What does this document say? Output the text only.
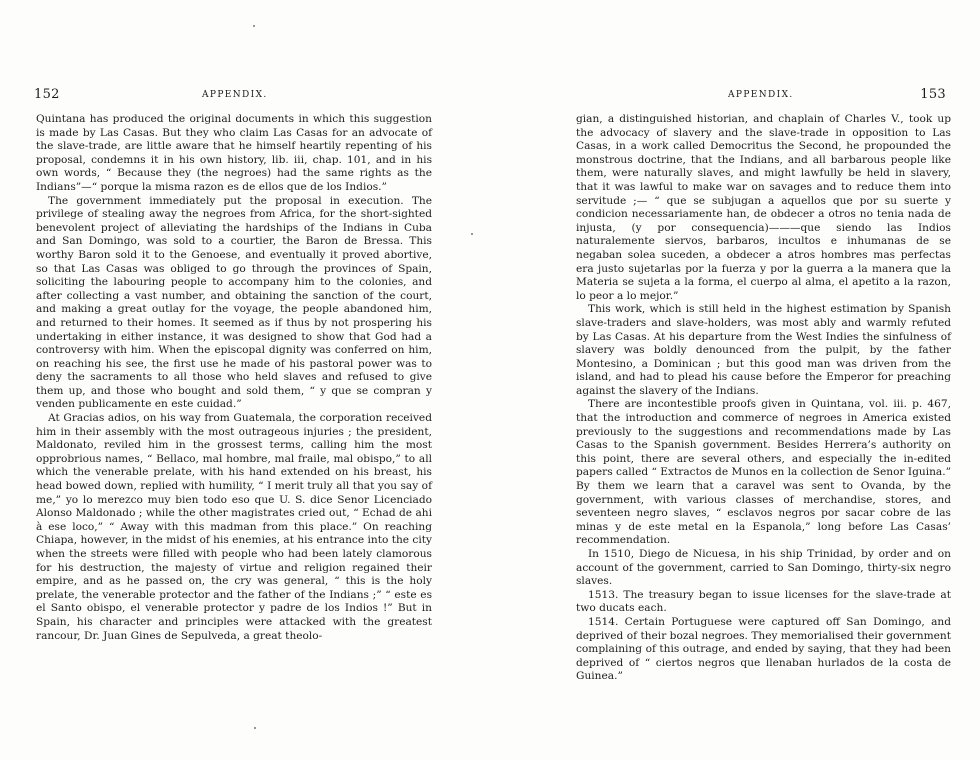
152	APPENDIX.

Quintana has produced the original documents in which this suggestion is made by Las Casas. But they who claim Las Casas for an advocate of the slave-trade, are little aware that he himself heartily repenting of his proposal, condemns it in his own history, lib. iii, chap. 101, and in his own words, “ Because they (the negroes) had the same rights as the Indians”—“ porque la misma razon es de ellos que de los Indios.”

The government immediately put the proposal in execution. The privilege of stealing away the negroes from Africa, for the short-sighted benevolent project of alleviating the hardships of the Indians in Cuba and San Domingo, was sold to a courtier, the Baron de Bressa. This worthy Baron sold it to the Genoese, and eventually it proved abortive, so that Las Casas was obliged to go through the provinces of Spain, soliciting the labouring people to accompany him to the colonies, and after collecting a vast number, and obtaining the sanction of the court, and making a great outlay for the voyage, the people abandoned him, and returned to their homes. It seemed as if thus by not prospering his undertaking in either instance, it was designed to show that God had a controversy with him. When the episcopal dignity was conferred on him, on reaching his see, the first use he made of his pastoral power was to deny the sacraments to all those who held slaves and refused to give them up, and those who bought and sold them, “ y que se compran y venden publicamente en este cuidad.”

At Gracias adios, on his way from Guatemala, the corporation received him in their assembly with the most outrageous injuries ; the president, Maldonato, reviled him in the grossest terms, calling him the most opprobrious names, “ Bellaco, mal hombre, mal fraile, mal obispo,” to all which the venerable prelate, with his hand extended on his breast, his head bowed down, replied with humility, “ I merit truly all that you say of me,” yo lo merezco muy bien todo eso que U. S. dice Senor Licenciado Alonso Maldonado ; while the other magistrates cried out, “ Echad de ahi à ese loco,” “ Away with this madman from this place.” On reaching Chiapa, however, in the midst of his enemies, at his entrance into the city when the streets were filled with people who had been lately clamorous for his destruction, the majesty of virtue and religion regained their empire, and as he passed on, the cry was general, “ this is the holy prelate, the venerable protector and the father of the Indians ;” “ este es el Santo obispo, el venerable protector y padre de los Indios !” But in Spain, his character and principles were attacked with the greatest rancour, Dr. Juan Gines de Sepulveda, a great theolo-

APPENDIX.	153

gian, a distinguished historian, and chaplain of Charles V., took up the advocacy of slavery and the slave-trade in opposition to Las Casas, in a work called Democritus the Second, he propounded the monstrous doctrine, that the Indians, and all barbarous people like them, were naturally slaves, and might lawfully be held in slavery, that it was lawful to make war on savages and to reduce them into servitude ;— “ que se subjugan a aquellos que por su suerte y condicion necessariamente han, de obdecer a otros no tenia nada de injusta, (y por consequencia)———que siendo las Indios naturalemente siervos, barbaros, incultos e inhumanas de se negaban solea suceden, a obdecer a atros hombres mas perfectas era justo sujetarlas por la fuerza y por la guerra a la manera que la Materia se sujeta a la forma, el cuerpo al alma, el apetito a la razon, lo peor a lo mejor.”

This work, which is still held in the highest estimation by Spanish slave-traders and slave-holders, was most ably and warmly refuted by Las Casas. At his departure from the West Indies the sinfulness of slavery was boldly denounced from the pulpit, by the father Montesino, a Dominican ; but this good man was driven from the island, and had to plead his cause before the Emperor for preaching against the slavery of the Indians.

There are incontestible proofs given in Quintana, vol. iii. p. 467, that the introduction and commerce of negroes in America existed previously to the suggestions and recommendations made by Las Casas to the Spanish government. Besides Herrera’s authority on this point, there are several others, and especially the in-edited papers called “ Extractos de Munos en la collection de Senor Iguina.” By them we learn that a caravel was sent to Ovanda, by the government, with various classes of merchandise, stores, and seventeen negro slaves, “ esclavos negros por sacar cobre de las minas y de este metal en la Espanola,” long before Las Casas’ recommendation.

In 1510, Diego de Nicuesa, in his ship Trinidad, by order and on account of the government, carried to San Domingo, thirty-six negro slaves.

1513. The treasury began to issue licenses for the slave-trade at two ducats each.

1514. Certain Portuguese were captured off San Domingo, and deprived of their bozal negroes. They memorialised their government complaining of this outrage, and ended by saying, that they had been deprived of “ ciertos negros que llenaban hurlados de la costa de Guinea.”
